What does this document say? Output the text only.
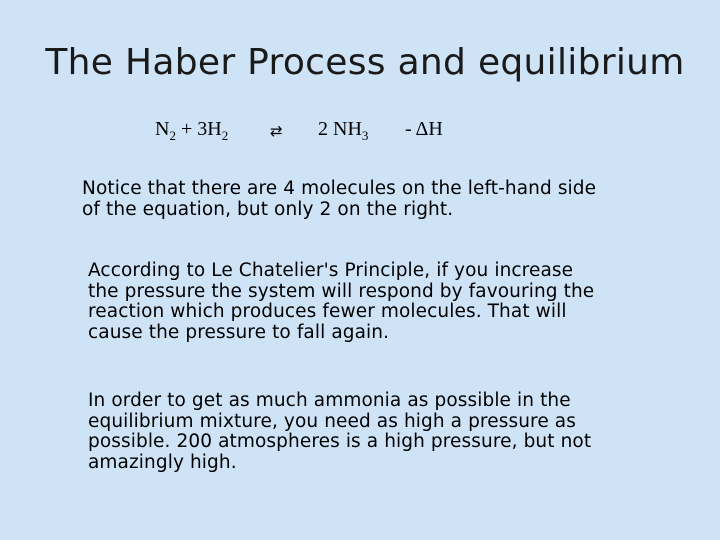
The Haber Process and equilibrium
$N_2 + 3H_2$	⇄ 2 $NH_3$ - ΔH
Notice that there are 4 molecules on the left-hand side
of the equation, but only 2 on the right.
According to Le Chatelier's Principle, if you increase
the pressure the system will respond by favouring the
reaction which produces fewer molecules. That will
cause the pressure to fall again.
In order to get as much ammonia as possible in the
equilibrium mixture, you need as high a pressure as
possible. 200 atmospheres is a high pressure, but not
amazingly high.
